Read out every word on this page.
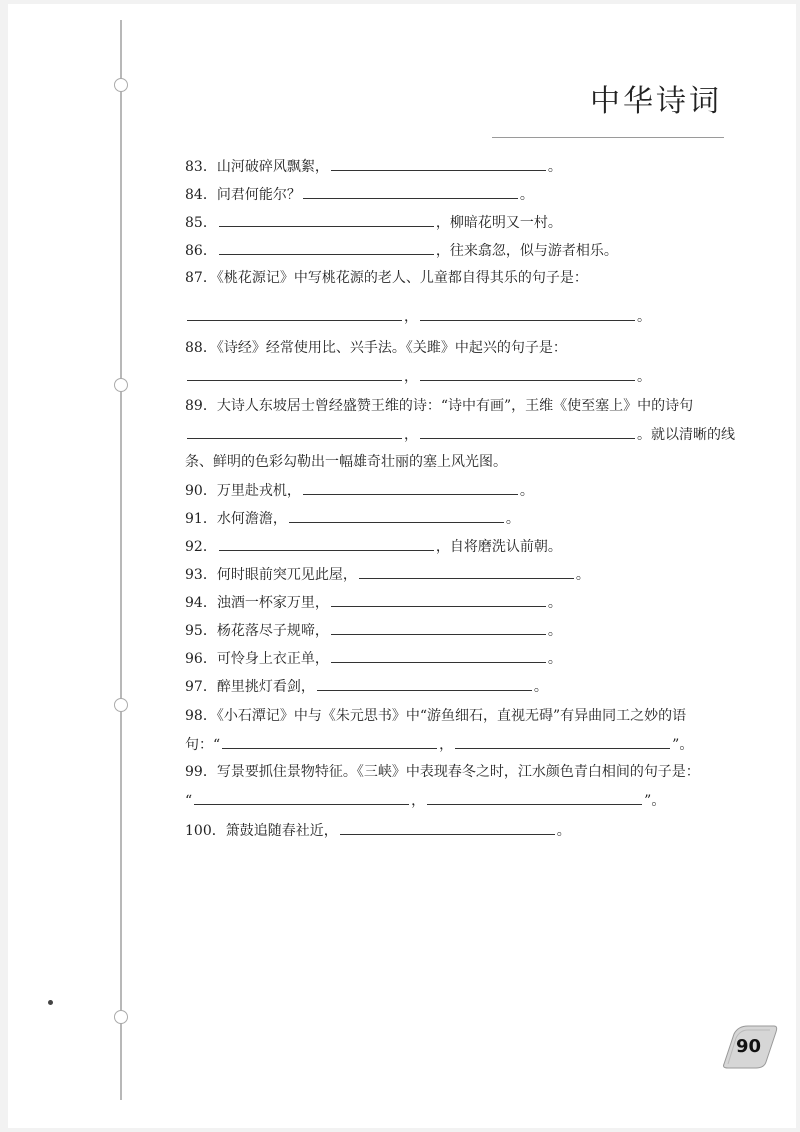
中华诗词
83．山河破碎风飘絮，	。
84．问君何能尔？	。
85．	，柳暗花明又一村。
86．	，往来翕忽，似与游者相乐。
87．《桃花源记》中写桃花源的老人、儿童都自得其乐的句子是：
，	。
88．《诗经》经常使用比、兴手法。《关雎》中起兴的句子是：
，	。
89．大诗人东坡居士曾经盛赞王维的诗：“诗中有画”，王维《使至塞上》中的诗句
，	。就以清晰的线
条、鲜明的色彩勾勒出一幅雄奇壮丽的塞上风光图。
90．万里赴戎机，	。
91．水何澹澹，	。
92．	，自将磨洗认前朝。
93．何时眼前突兀见此屋，	。
94．浊酒一杯家万里，	。
95．杨花落尽子规啼，	。
96．可怜身上衣正单，	。
97．醉里挑灯看剑，	。
98．《小石潭记》中与《朱元思书》中“游鱼细石，直视无碍”有异曲同工之妙的语
句：“	，	”。
99．写景要抓住景物特征。《三峡》中表现春冬之时，江水颜色青白相间的句子是：
“	，	”。
100．箫鼓追随春社近，	。
90
